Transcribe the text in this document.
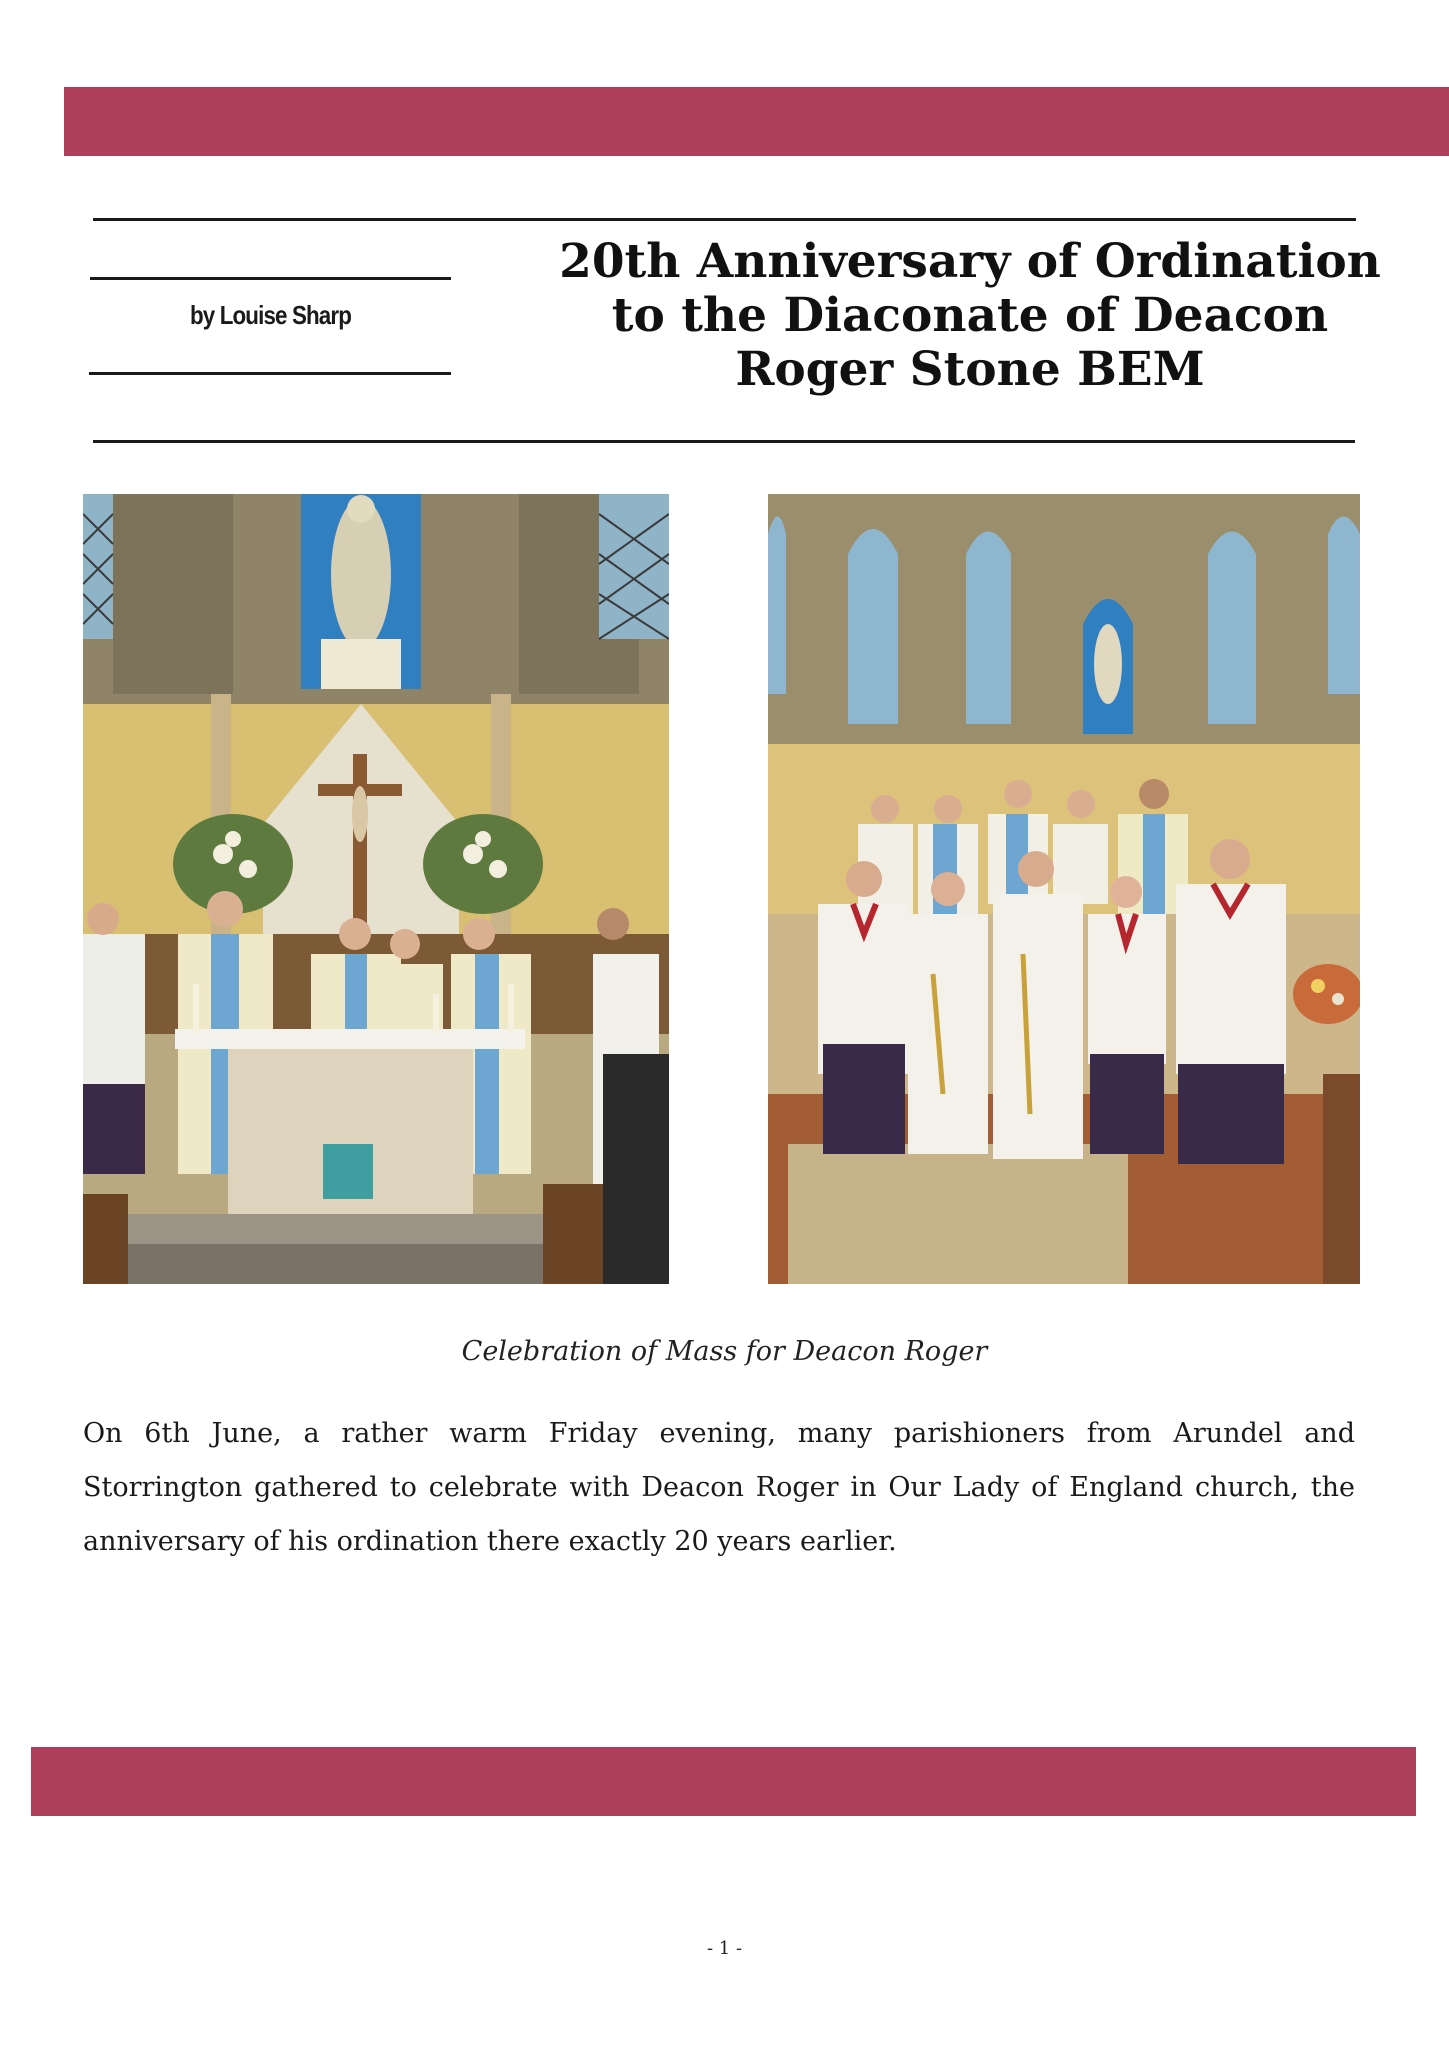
by Louise Sharp
20th Anniversary of Ordination to the Diaconate of Deacon Roger Stone BEM
Celebration of Mass for Deacon Roger
On 6th June, a rather warm Friday evening, many parishioners from Arundel and Storrington gathered to celebrate with Deacon Roger in Our Lady of England church, the anniversary of his ordination there exactly 20 years earlier.
- 1 -
